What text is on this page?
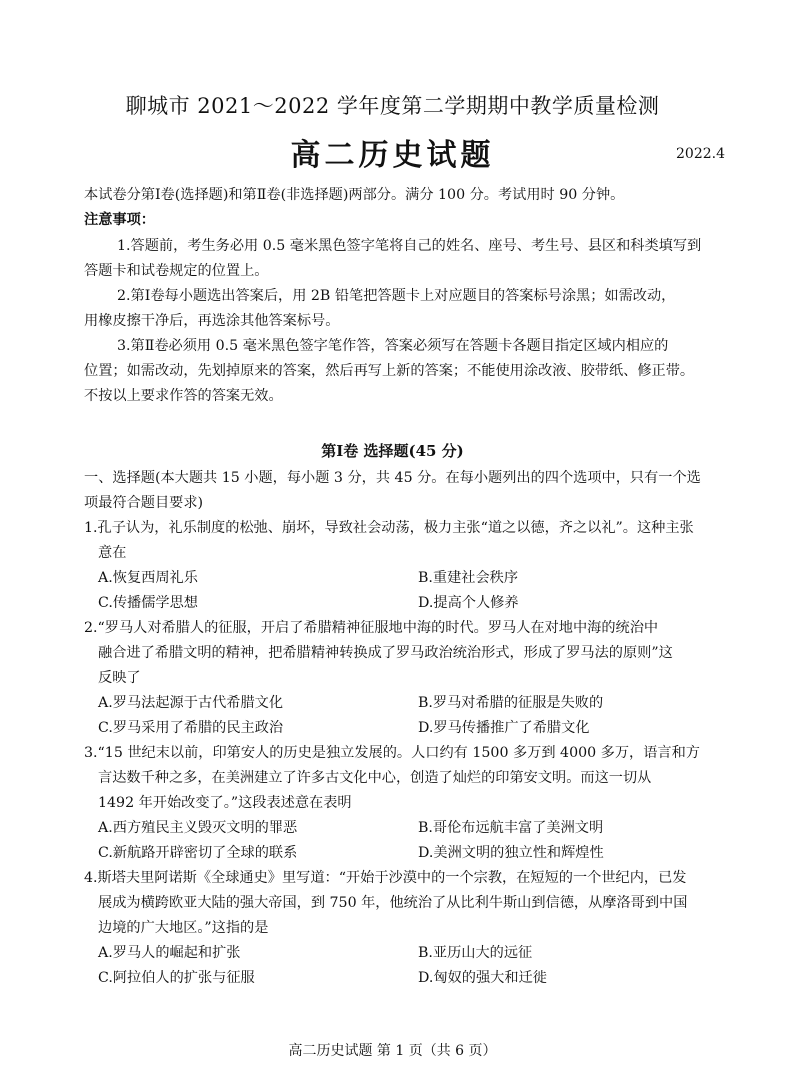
聊城市 2021～2022 学年度第二学期期中教学质量检测
高二历史试题	2022.4
本试卷分第Ⅰ卷(选择题)和第Ⅱ卷(非选择题)两部分。满分 100 分。考试用时 90 分钟。
注意事项：
1.答题前，考生务必用 0.5 毫米黑色签字笔将自己的姓名、座号、考生号、县区和科类填写到
答题卡和试卷规定的位置上。
2.第Ⅰ卷每小题选出答案后，用 2B 铅笔把答题卡上对应题目的答案标号涂黑；如需改动，
用橡皮擦干净后，再选涂其他答案标号。
3.第Ⅱ卷必须用 0.5 毫米黑色签字笔作答，答案必须写在答题卡各题目指定区域内相应的
位置；如需改动，先划掉原来的答案，然后再写上新的答案；不能使用涂改液、胶带纸、修正带。
不按以上要求作答的答案无效。
第Ⅰ卷 选择题(45 分)
一、选择题(本大题共 15 小题，每小题 3 分，共 45 分。在每小题列出的四个选项中，只有一个选
项最符合题目要求)
1.孔子认为，礼乐制度的松弛、崩坏，导致社会动荡，极力主张“道之以德，齐之以礼”。这种主张
意在
A.恢复西周礼乐	B.重建社会秩序
C.传播儒学思想	D.提高个人修养
2.“罗马人对希腊人的征服，开启了希腊精神征服地中海的时代。罗马人在对地中海的统治中
融合进了希腊文明的精神，把希腊精神转换成了罗马政治统治形式，形成了罗马法的原则”这
反映了
A.罗马法起源于古代希腊文化	B.罗马对希腊的征服是失败的
C.罗马采用了希腊的民主政治	D.罗马传播推广了希腊文化
3.“15 世纪末以前，印第安人的历史是独立发展的。人口约有 1500 多万到 4000 多万，语言和方
言达数千种之多，在美洲建立了许多古文化中心，创造了灿烂的印第安文明。而这一切从
1492 年开始改变了。”这段表述意在表明
A.西方殖民主义毁灭文明的罪恶	B.哥伦布远航丰富了美洲文明
C.新航路开辟密切了全球的联系	D.美洲文明的独立性和辉煌性
4.斯塔夫里阿诺斯《全球通史》里写道：“开始于沙漠中的一个宗教，在短短的一个世纪内，已发
展成为横跨欧亚大陆的强大帝国，到 750 年，他统治了从比利牛斯山到信德，从摩洛哥到中国
边境的广大地区。”这指的是
A.罗马人的崛起和扩张	B.亚历山大的远征
C.阿拉伯人的扩张与征服	D.匈奴的强大和迁徙
高二历史试题 第 1 页（共 6 页）
